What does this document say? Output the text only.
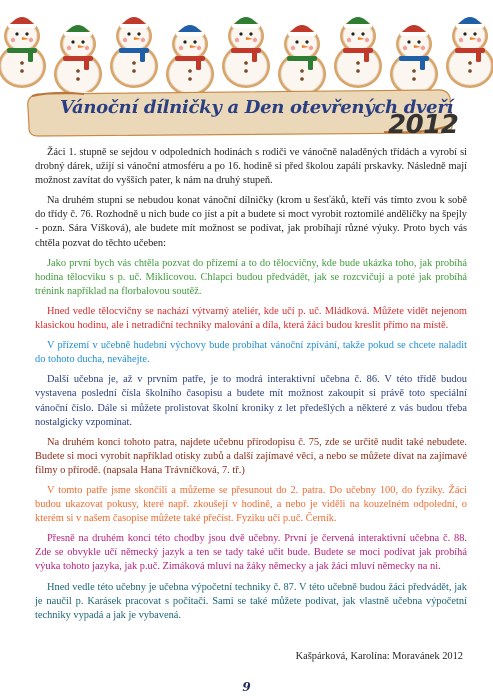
Vánoční dílničky a Den otevřených dveří
2012

Žáci 1. stupně se sejdou v odpoledních hodinách s rodiči ve vánočně naladěných třídách a vyrobí si drobný dárek, užijí si vánoční atmosféru a po 16. hodině si před školou zapálí prskavky. Následně mají možnost zavítat do vyšších pater, k nám na druhý stupeň.

Na druhém stupni se nebudou konat vánoční dílničky (krom u šesťáků, kteří vás tímto zvou k sobě do třídy č. 76. Rozhodně u nich bude co jíst a pít a budete si moct vyrobit roztomilé andělíčky na špejly - pozn. Sára Víšková), ale budete mít možnost se podívat, jak probíhají různé výuky. Proto bych vás chtěla pozvat do těchto učeben:

Jako první bych vás chtěla pozvat do přízemí a to do tělocvičny, kde bude ukázka toho, jak probíhá hodina tělocviku s p. uč. Miklicovou. Chlapci budou předvádět, jak se rozcvičují a poté jak probíhá trénink například na florbalovou soutěž.

Hned vedle tělocvičny se nachází výtvarný ateliér, kde učí p. uč. Mládková. Můžete vidět nejenom klasickou hodinu, ale i netradiční techniky malování a díla, která žáci budou kreslit přímo na místě.

V přízemí v učebně hudební výchovy bude probíhat vánoční zpívání, takže pokud se chcete naladit do tohoto ducha, neváhejte.

Další učebna je, až v prvním patře, je to modrá interaktivní učebna č. 86. V této třídě budou vystavena poslední čísla školního časopisu a budete mít možnost zakoupit si právě toto speciální vánoční číslo. Dále si můžete prolistovat školní kroniky z let předešlých a některé z vás budou třeba nostalgicky vzpomínat.

Na druhém konci tohoto patra, najdete učebnu přírodopisu č. 75, zde se určitě nudit také nebudete. Budete si moci vyrobit například otisky zubů a další zajímavé věci, a nebo se můžete dívat na zajímavé filmy o přírodě. (napsala Hana Trávníčková, 7. tř.)

V tomto patře jsme skončili a můžeme se přesunout do 2. patra. Do učebny 100, do fyziky. Žáci budou ukazovat pokusy, které např. zkoušejí v hodině, a nebo je viděli na kouzelném odpolední, o kterém si v našem časopise můžete také přečíst. Fyziku učí p.uč. Černík.

Přesně na druhém konci této chodby jsou dvě učebny. První je červená interaktivní učebna č. 88. Zde se obvykle učí německý jazyk a ten se tady také učit bude. Budete se moci podívat jak probíhá výuka tohoto jazyka, jak p.uč. Zimáková mluví na žáky německy a jak žáci mluví německy na ni.

Hned vedle této učebny je učebna výpočetní techniky č. 87. V této učebně budou žáci předvádět, jak je naučil p. Karásek pracovat s počítači. Sami se také můžete podívat, jak vlastně učebna výpočetní techniky vypadá a jak je vybavená.

Kašpárková, Karolína: Moravánek 2012
9
